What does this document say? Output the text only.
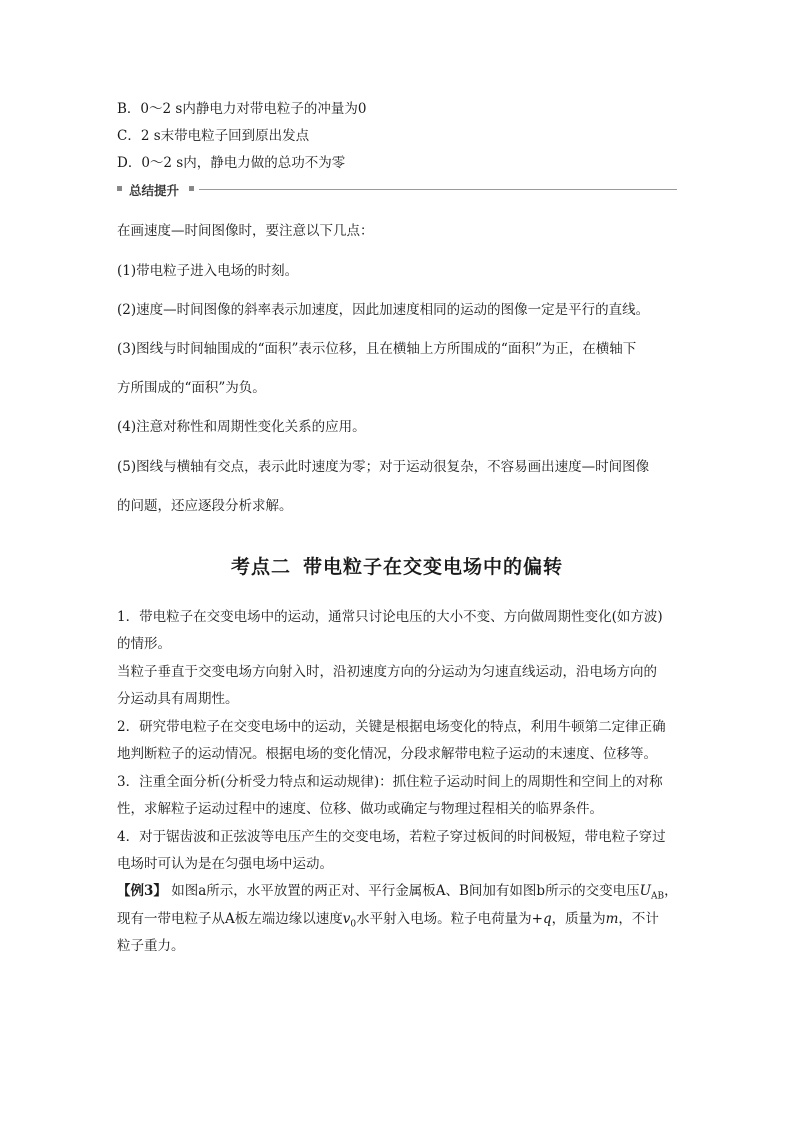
B．0～2 s内静电力对带电粒子的冲量为0
C．2 s末带电粒子回到原出发点
D．0～2 s内，静电力做的总功不为零
总结提升
在画速度—时间图像时，要注意以下几点：
(1)带电粒子进入电场的时刻。
(2)速度—时间图像的斜率表示加速度，因此加速度相同的运动的图像一定是平行的直线。
(3)图线与时间轴围成的“面积”表示位移，且在横轴上方所围成的“面积”为正，在横轴下
方所围成的“面积”为负。
(4)注意对称性和周期性变化关系的应用。
(5)图线与横轴有交点，表示此时速度为零；对于运动很复杂，不容易画出速度—时间图像
的问题，还应逐段分析求解。
考点二 带电粒子在交变电场中的偏转
1．带电粒子在交变电场中的运动，通常只讨论电压的大小不变、方向做周期性变化(如方波)
的情形。
当粒子垂直于交变电场方向射入时，沿初速度方向的分运动为匀速直线运动，沿电场方向的
分运动具有周期性。
2．研究带电粒子在交变电场中的运动，关键是根据电场变化的特点，利用牛顿第二定律正确
地判断粒子的运动情况。根据电场的变化情况，分段求解带电粒子运动的末速度、位移等。
3．注重全面分析(分析受力特点和运动规律)：抓住粒子运动时间上的周期性和空间上的对称
性，求解粒子运动过程中的速度、位移、做功或确定与物理过程相关的临界条件。
4．对于锯齿波和正弦波等电压产生的交变电场，若粒子穿过板间的时间极短，带电粒子穿过
电场时可认为是在匀强电场中运动。
【例3】 如图a所示，水平放置的两正对、平行金属板A、B间加有如图b所示的交变电压$U_{AB}$，
现有一带电粒子从A板左端边缘以速度$v_0$水平射入电场。粒子电荷量为+q，质量为m，不计
粒子重力。
